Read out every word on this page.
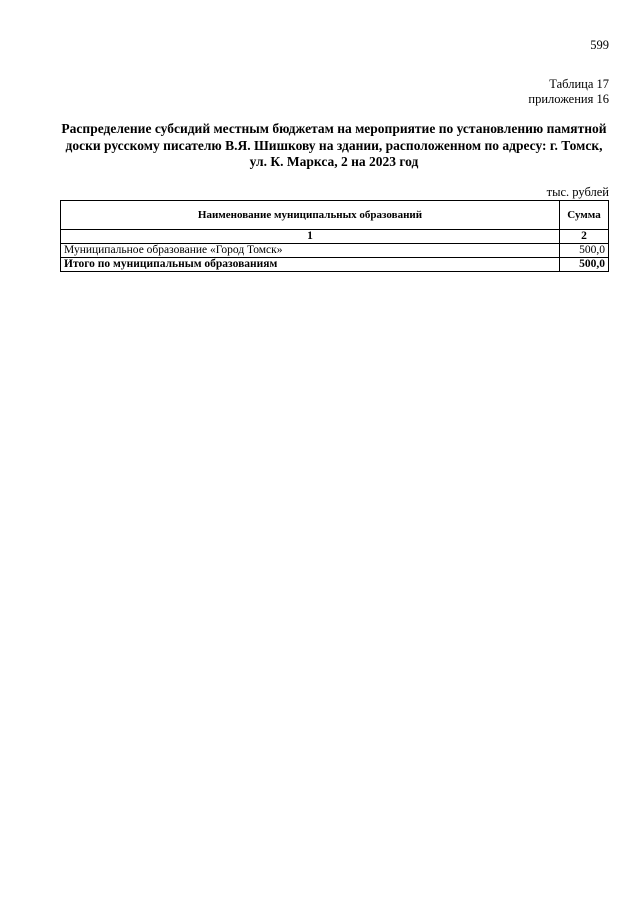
599
Таблица 17
приложения 16
Распределение субсидий местным бюджетам на мероприятие по установлению памятной доски русскому писателю В.Я. Шишкову на здании, расположенном по адресу: г. Томск, ул. К. Маркса, 2 на 2023 год
тыс. рублей
Наименование муниципальных образований	Сумма
1	2
Муниципальное образование «Город Томск»	500,0
Итого по муниципальным образованиям	500,0
